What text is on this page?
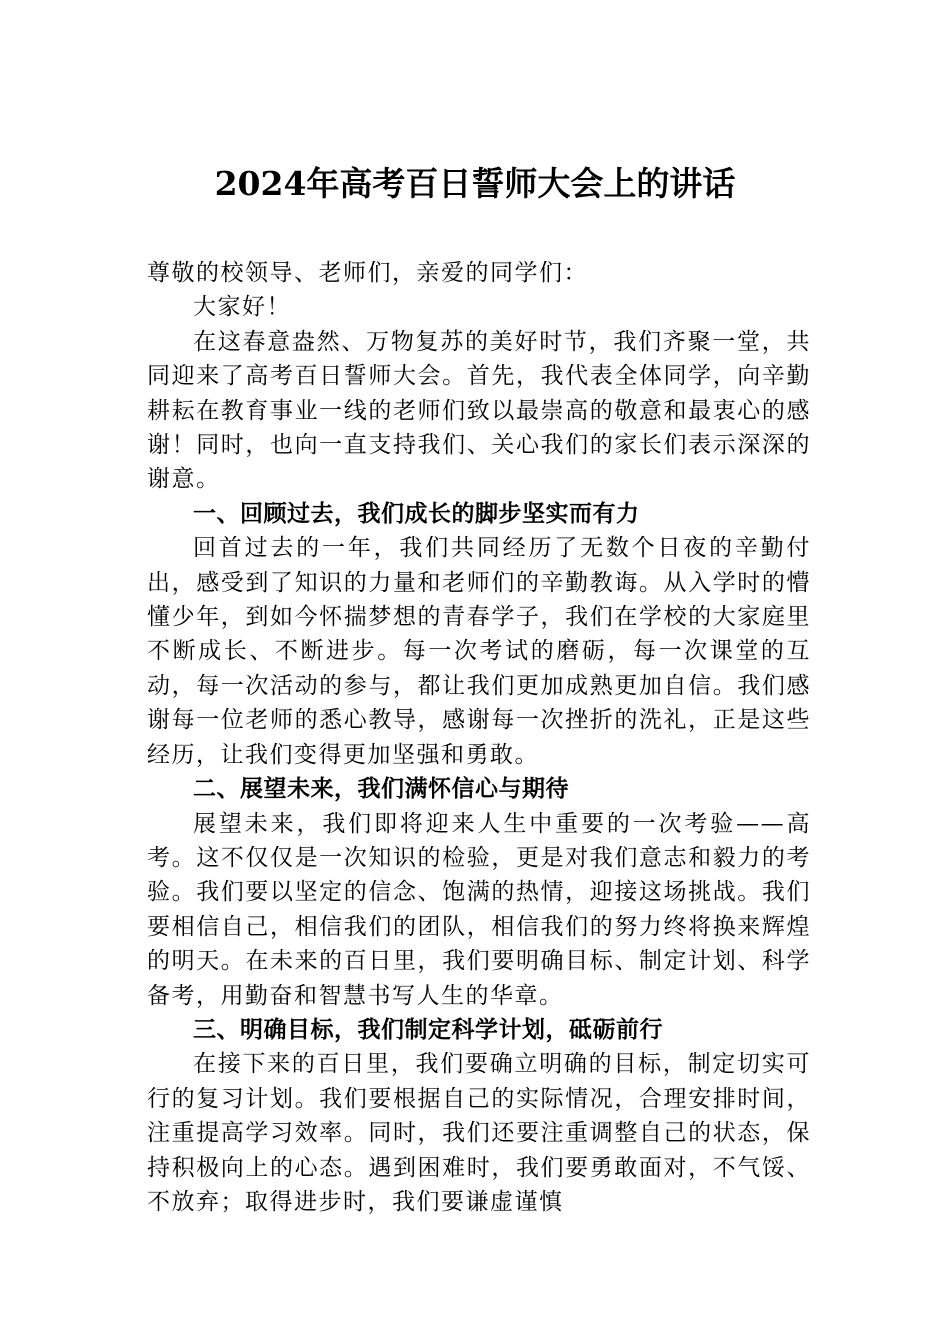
2024年高考百日誓师大会上的讲话

尊敬的校领导、老师们，亲爱的同学们：

大家好！

在这春意盎然、万物复苏的美好时节，我们齐聚一堂，共同迎来了高考百日誓师大会。首先，我代表全体同学，向辛勤耕耘在教育事业一线的老师们致以最崇高的敬意和最衷心的感谢！同时，也向一直支持我们、关心我们的家长们表示深深的谢意。

一、回顾过去，我们成长的脚步坚实而有力

回首过去的一年，我们共同经历了无数个日夜的辛勤付出，感受到了知识的力量和老师们的辛勤教诲。从入学时的懵懂少年，到如今怀揣梦想的青春学子，我们在学校的大家庭里不断成长、不断进步。每一次考试的磨砺，每一次课堂的互动，每一次活动的参与，都让我们更加成熟更加自信。我们感谢每一位老师的悉心教导，感谢每一次挫折的洗礼，正是这些经历，让我们变得更加坚强和勇敢。

二、展望未来，我们满怀信心与期待

展望未来，我们即将迎来人生中重要的一次考验——高考。这不仅仅是一次知识的检验，更是对我们意志和毅力的考验。我们要以坚定的信念、饱满的热情，迎接这场挑战。我们要相信自己，相信我们的团队，相信我们的努力终将换来辉煌的明天。在未来的百日里，我们要明确目标、制定计划、科学备考，用勤奋和智慧书写人生的华章。

三、明确目标，我们制定科学计划，砥砺前行

在接下来的百日里，我们要确立明确的目标，制定切实可行的复习计划。我们要根据自己的实际情况，合理安排时间，注重提高学习效率。同时，我们还要注重调整自己的状态，保持积极向上的心态。遇到困难时，我们要勇敢面对，不气馁、不放弃；取得进步时，我们要谦虚谨慎
